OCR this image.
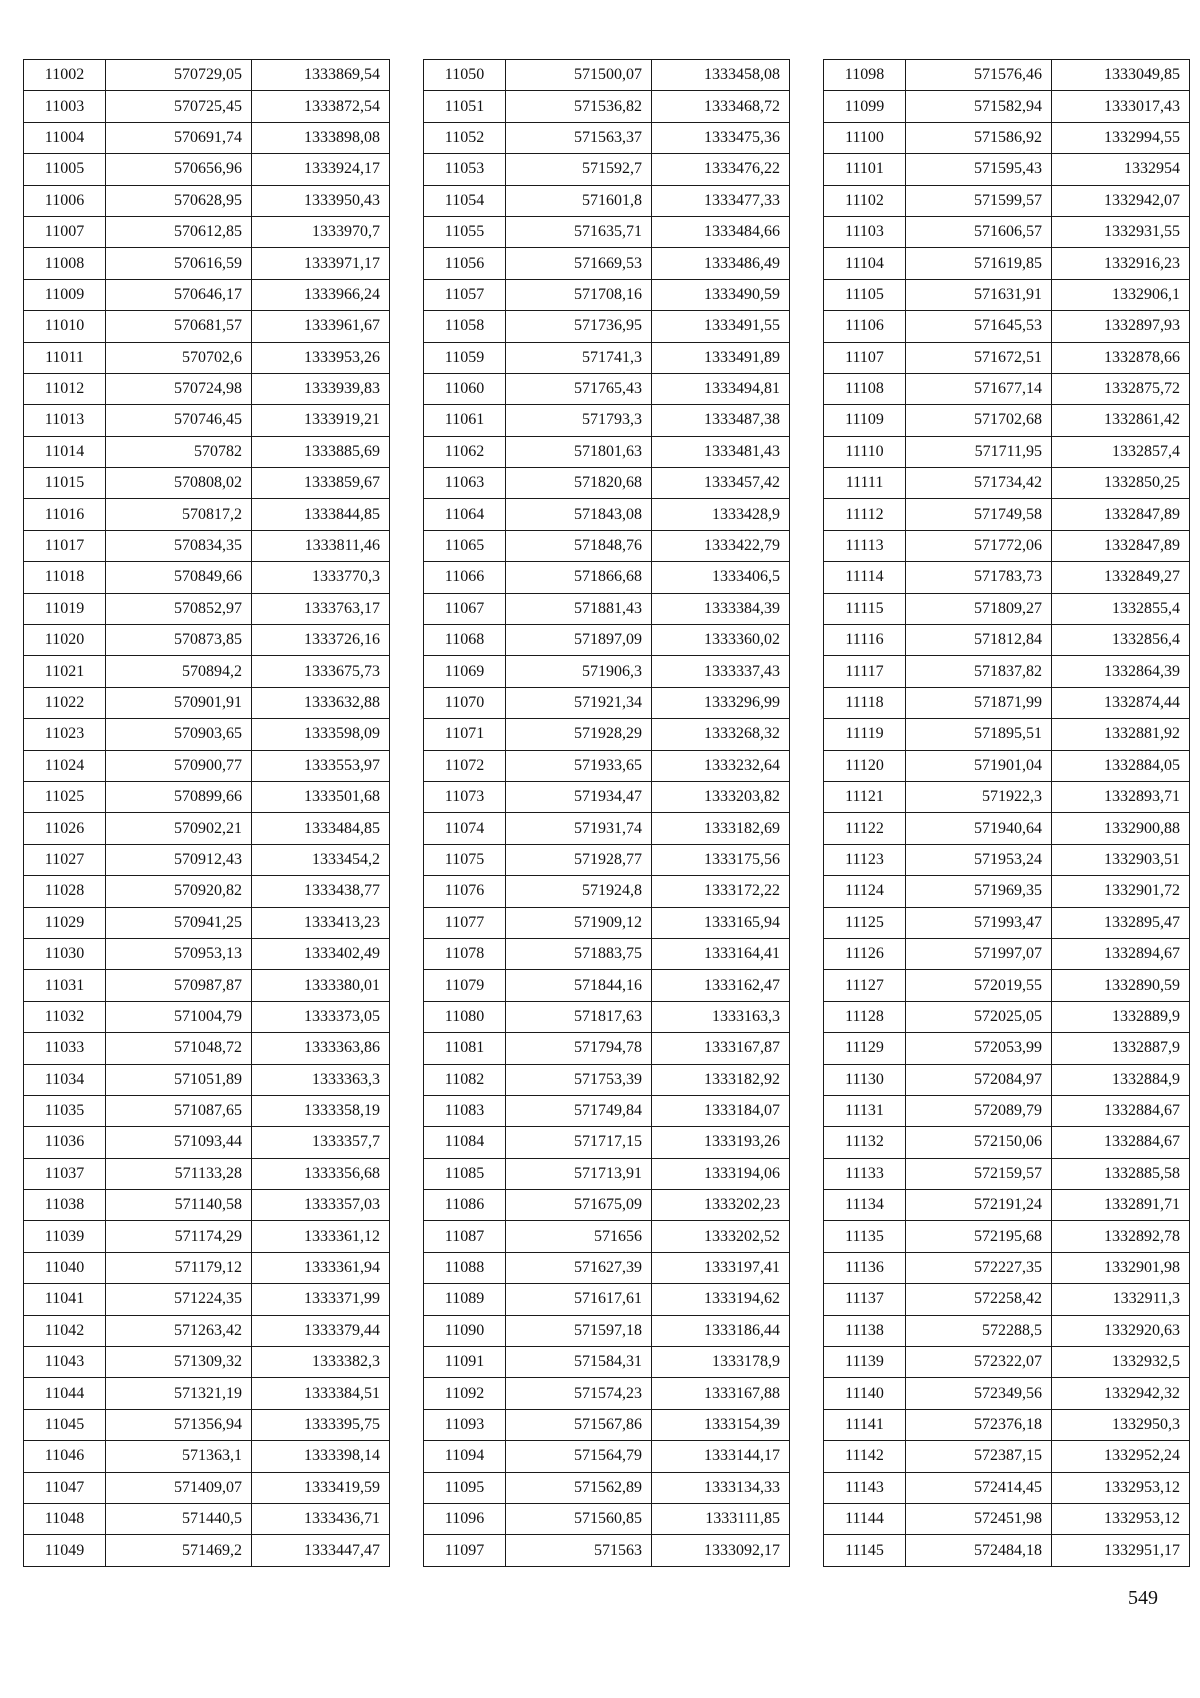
11002	570729,05	1333869,54
11003	570725,45	1333872,54
11004	570691,74	1333898,08
11005	570656,96	1333924,17
11006	570628,95	1333950,43
11007	570612,85	1333970,7
11008	570616,59	1333971,17
11009	570646,17	1333966,24
11010	570681,57	1333961,67
11011	570702,6	1333953,26
11012	570724,98	1333939,83
11013	570746,45	1333919,21
11014	570782	1333885,69
11015	570808,02	1333859,67
11016	570817,2	1333844,85
11017	570834,35	1333811,46
11018	570849,66	1333770,3
11019	570852,97	1333763,17
11020	570873,85	1333726,16
11021	570894,2	1333675,73
11022	570901,91	1333632,88
11023	570903,65	1333598,09
11024	570900,77	1333553,97
11025	570899,66	1333501,68
11026	570902,21	1333484,85
11027	570912,43	1333454,2
11028	570920,82	1333438,77
11029	570941,25	1333413,23
11030	570953,13	1333402,49
11031	570987,87	1333380,01
11032	571004,79	1333373,05
11033	571048,72	1333363,86
11034	571051,89	1333363,3
11035	571087,65	1333358,19
11036	571093,44	1333357,7
11037	571133,28	1333356,68
11038	571140,58	1333357,03
11039	571174,29	1333361,12
11040	571179,12	1333361,94
11041	571224,35	1333371,99
11042	571263,42	1333379,44
11043	571309,32	1333382,3
11044	571321,19	1333384,51
11045	571356,94	1333395,75
11046	571363,1	1333398,14
11047	571409,07	1333419,59
11048	571440,5	1333436,71
11049	571469,2	1333447,47
11050	571500,07	1333458,08
11051	571536,82	1333468,72
11052	571563,37	1333475,36
11053	571592,7	1333476,22
11054	571601,8	1333477,33
11055	571635,71	1333484,66
11056	571669,53	1333486,49
11057	571708,16	1333490,59
11058	571736,95	1333491,55
11059	571741,3	1333491,89
11060	571765,43	1333494,81
11061	571793,3	1333487,38
11062	571801,63	1333481,43
11063	571820,68	1333457,42
11064	571843,08	1333428,9
11065	571848,76	1333422,79
11066	571866,68	1333406,5
11067	571881,43	1333384,39
11068	571897,09	1333360,02
11069	571906,3	1333337,43
11070	571921,34	1333296,99
11071	571928,29	1333268,32
11072	571933,65	1333232,64
11073	571934,47	1333203,82
11074	571931,74	1333182,69
11075	571928,77	1333175,56
11076	571924,8	1333172,22
11077	571909,12	1333165,94
11078	571883,75	1333164,41
11079	571844,16	1333162,47
11080	571817,63	1333163,3
11081	571794,78	1333167,87
11082	571753,39	1333182,92
11083	571749,84	1333184,07
11084	571717,15	1333193,26
11085	571713,91	1333194,06
11086	571675,09	1333202,23
11087	571656	1333202,52
11088	571627,39	1333197,41
11089	571617,61	1333194,62
11090	571597,18	1333186,44
11091	571584,31	1333178,9
11092	571574,23	1333167,88
11093	571567,86	1333154,39
11094	571564,79	1333144,17
11095	571562,89	1333134,33
11096	571560,85	1333111,85
11097	571563	1333092,17
11098	571576,46	1333049,85
11099	571582,94	1333017,43
11100	571586,92	1332994,55
11101	571595,43	1332954
11102	571599,57	1332942,07
11103	571606,57	1332931,55
11104	571619,85	1332916,23
11105	571631,91	1332906,1
11106	571645,53	1332897,93
11107	571672,51	1332878,66
11108	571677,14	1332875,72
11109	571702,68	1332861,42
11110	571711,95	1332857,4
11111	571734,42	1332850,25
11112	571749,58	1332847,89
11113	571772,06	1332847,89
11114	571783,73	1332849,27
11115	571809,27	1332855,4
11116	571812,84	1332856,4
11117	571837,82	1332864,39
11118	571871,99	1332874,44
11119	571895,51	1332881,92
11120	571901,04	1332884,05
11121	571922,3	1332893,71
11122	571940,64	1332900,88
11123	571953,24	1332903,51
11124	571969,35	1332901,72
11125	571993,47	1332895,47
11126	571997,07	1332894,67
11127	572019,55	1332890,59
11128	572025,05	1332889,9
11129	572053,99	1332887,9
11130	572084,97	1332884,9
11131	572089,79	1332884,67
11132	572150,06	1332884,67
11133	572159,57	1332885,58
11134	572191,24	1332891,71
11135	572195,68	1332892,78
11136	572227,35	1332901,98
11137	572258,42	1332911,3
11138	572288,5	1332920,63
11139	572322,07	1332932,5
11140	572349,56	1332942,32
11141	572376,18	1332950,3
11142	572387,15	1332952,24
11143	572414,45	1332953,12
11144	572451,98	1332953,12
11145	572484,18	1332951,17
549
